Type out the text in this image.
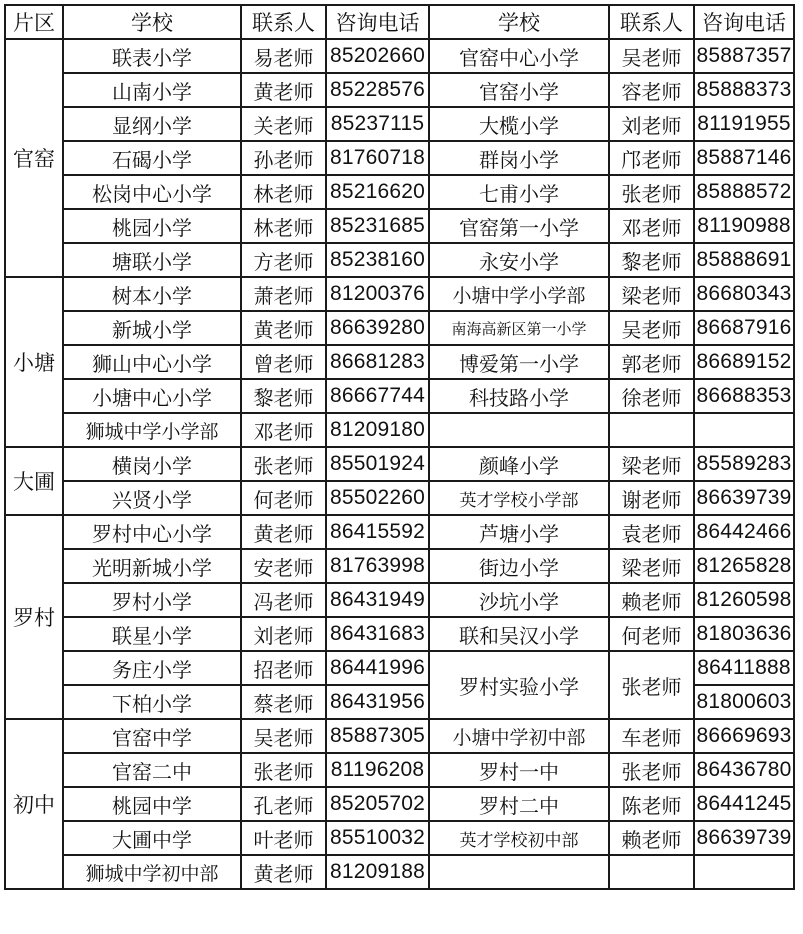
片区	学校	联系人	咨询电话	学校	联系人	咨询电话
官窑	联表小学	易老师	85202660	官窑中心小学	吴老师	85887357
	山南小学	黄老师	85228576	官窑小学	容老师	85888373
	显纲小学	关老师	85237115	大榄小学	刘老师	81191955
	石碣小学	孙老师	81760718	群岗小学	邝老师	85887146
	松岗中心小学	林老师	85216620	七甫小学	张老师	85888572
	桃园小学	林老师	85231685	官窑第一小学	邓老师	81190988
	塘联小学	方老师	85238160	永安小学	黎老师	85888691
小塘	树本小学	萧老师	81200376	小塘中学小学部	梁老师	86680343
	新城小学	黄老师	86639280	南海高新区第一小学	吴老师	86687916
	狮山中心小学	曾老师	86681283	博爱第一小学	郭老师	86689152
	小塘中心小学	黎老师	86667744	科技路小学	徐老师	86688353
	狮城中学小学部	邓老师	81209180			
大圃	横岗小学	张老师	85501924	颜峰小学	梁老师	85589283
	兴贤小学	何老师	85502260	英才学校小学部	谢老师	86639739
罗村	罗村中心小学	黄老师	86415592	芦塘小学	袁老师	86442466
	光明新城小学	安老师	81763998	街边小学	梁老师	81265828
	罗村小学	冯老师	86431949	沙坑小学	赖老师	81260598
	联星小学	刘老师	86431683	联和吴汉小学	何老师	81803636
	务庄小学	招老师	86441996	罗村实验小学	张老师	86411888
	下柏小学	蔡老师	86431956			81800603
初中	官窑中学	吴老师	85887305	小塘中学初中部	车老师	86669693
	官窑二中	张老师	81196208	罗村一中	张老师	86436780
	桃园中学	孔老师	85205702	罗村二中	陈老师	86441245
	大圃中学	叶老师	85510032	英才学校初中部	赖老师	86639739
	狮城中学初中部	黄老师	81209188			
